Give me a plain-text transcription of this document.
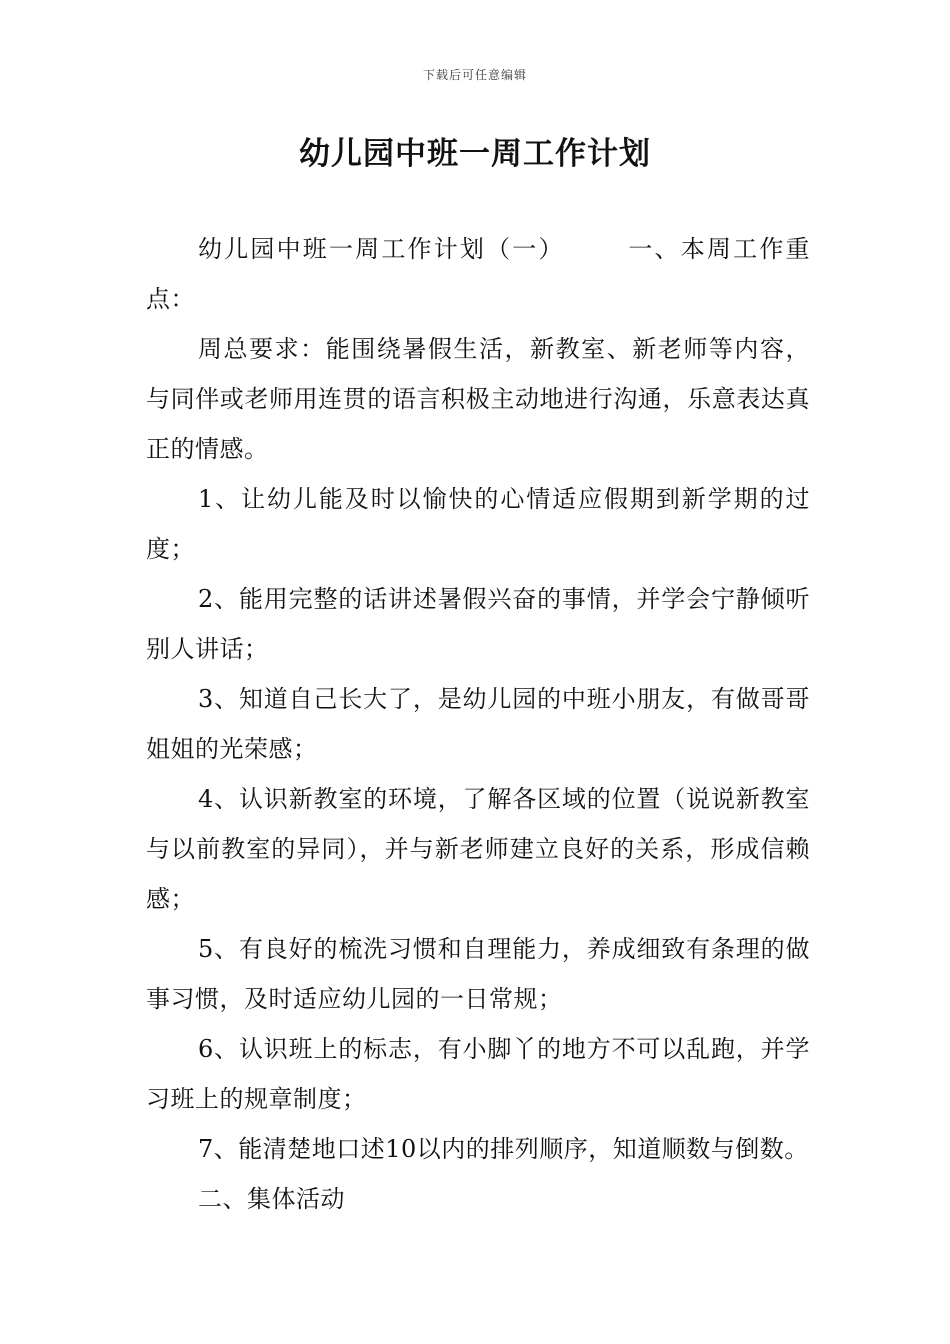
下载后可任意编辑
幼儿园中班一周工作计划

幼儿园中班一周工作计划（一）	一、本周工作重点：

周总要求：能围绕暑假生活，新教室、新老师等内容，与同伴或老师用连贯的语言积极主动地进行沟通，乐意表达真正的情感。

1、让幼儿能及时以愉快的心情适应假期到新学期的过度；

2、能用完整的话讲述暑假兴奋的事情，并学会宁静倾听别人讲话；

3、知道自己长大了，是幼儿园的中班小朋友，有做哥哥姐姐的光荣感；

4、认识新教室的环境，了解各区域的位置（说说新教室与以前教室的异同），并与新老师建立良好的关系，形成信赖感；

5、有良好的梳洗习惯和自理能力，养成细致有条理的做事习惯，及时适应幼儿园的一日常规；

6、认识班上的标志，有小脚丫的地方不可以乱跑，并学习班上的规章制度；

7、能清楚地口述10以内的排列顺序，知道顺数与倒数。

二、集体活动
